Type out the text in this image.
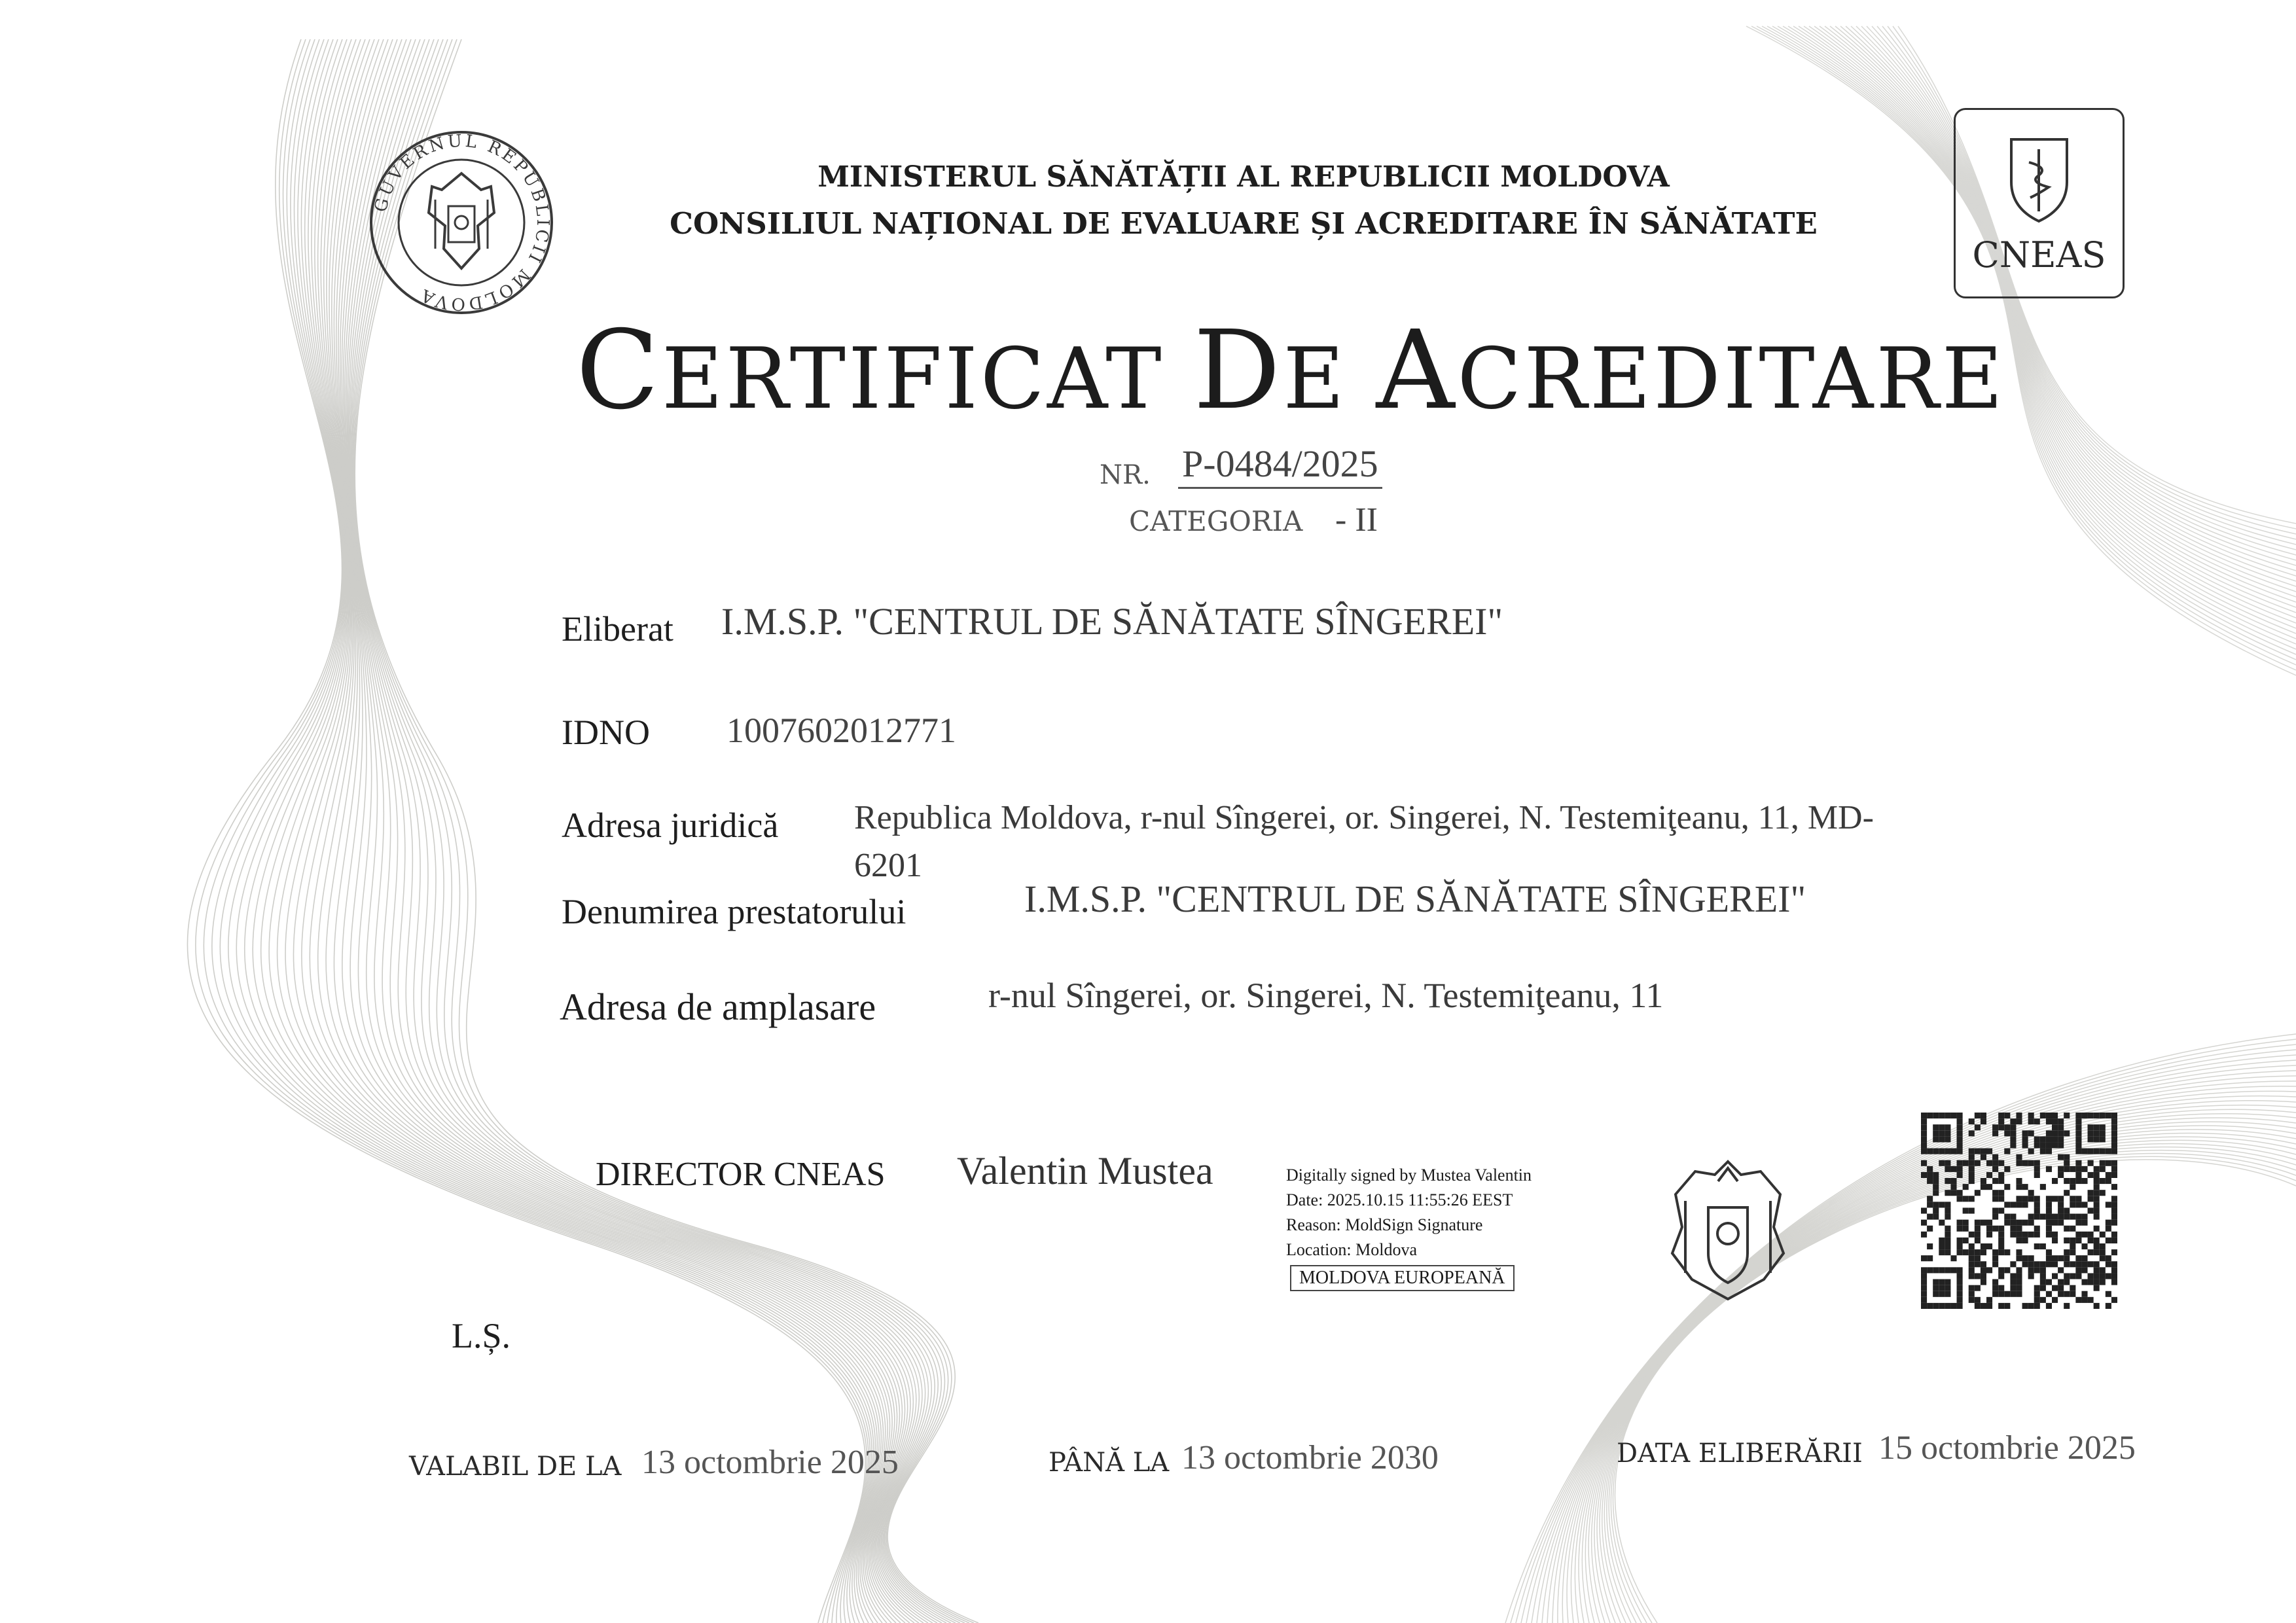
GUVERNUL REPUBLICII MOLDOVA
MINISTERUL SĂNĂTĂȚII AL REPUBLICII MOLDOVA
CONSILIUL NAȚIONAL DE EVALUARE ȘI ACREDITARE ÎN SĂNĂTATE
CNEAS
CERTIFICAT DE ACREDITARE
NR. P-0484/2025
CATEGORIA - II
Eliberat I.M.S.P. "CENTRUL DE SĂNĂTATE SÎNGEREI"
IDNO 1007602012771
Adresa juridică Republica Moldova, r-nul Sîngerei, or. Singerei, N. Testemiţeanu, 11, MD-
6201
Denumirea prestatorului	I.M.S.P. "CENTRUL DE SĂNĂTATE SÎNGEREI"
Adresa de amplasare	r-nul Sîngerei, or. Singerei, N. Testemiţeanu, 11
DIRECTOR CNEAS Valentin Mustea	Digitally signed by Mustea Valentin
Date: 2025.10.15 11:55:26 EEST
Reason: MoldSign Signature
Location: Moldova
MOLDOVA EUROPEANĂ
L.Ș.
VALABIL DE LA 13 octombrie 2025	PÂNĂ LA 13 octombrie 2030	DATA ELIBERĂRII 15 octombrie 2025
